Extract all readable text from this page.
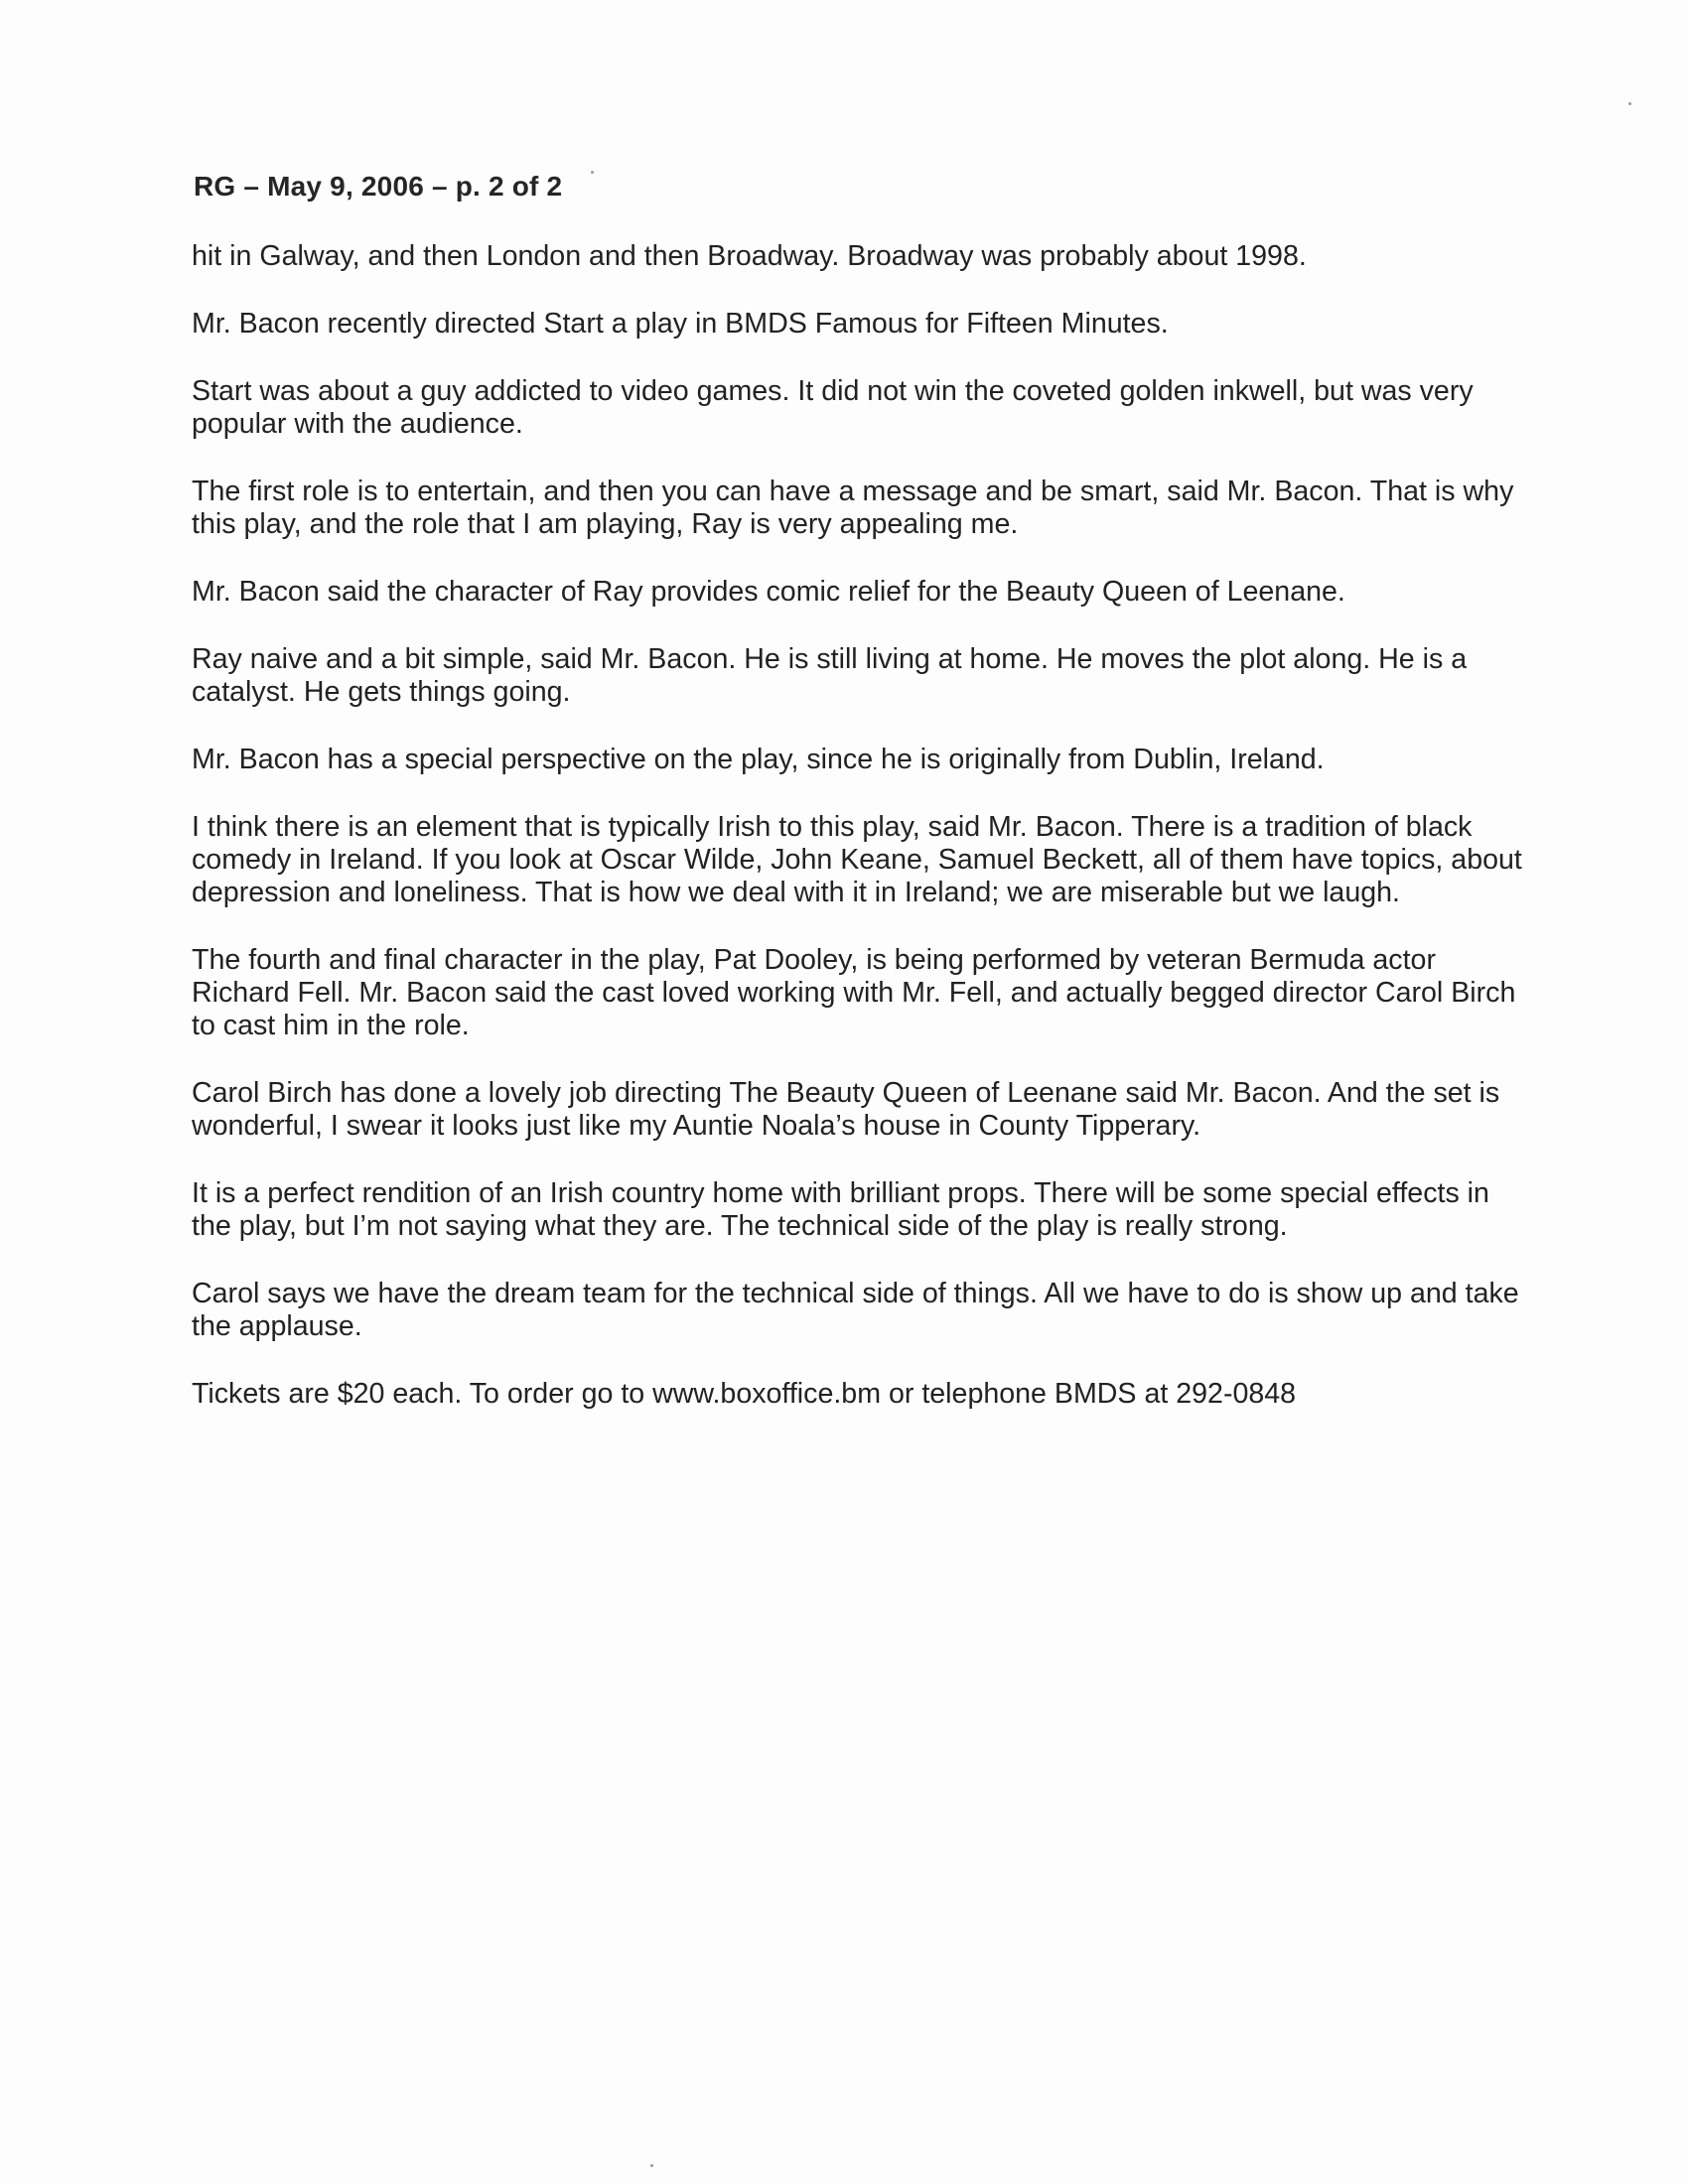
RG – May 9, 2006 – p. 2 of 2

hit in Galway, and then London and then Broadway. Broadway was probably about 1998.

Mr. Bacon recently directed Start a play in BMDS Famous for Fifteen Minutes.

Start was about a guy addicted to video games. It did not win the coveted golden inkwell, but was very popular with the audience.

The first role is to entertain, and then you can have a message and be smart, said Mr. Bacon. That is why this play, and the role that I am playing, Ray is very appealing me.

Mr. Bacon said the character of Ray provides comic relief for the Beauty Queen of Leenane.

Ray naive and a bit simple, said Mr. Bacon. He is still living at home. He moves the plot along. He is a catalyst. He gets things going.

Mr. Bacon has a special perspective on the play, since he is originally from Dublin, Ireland.

I think there is an element that is typically Irish to this play, said Mr. Bacon. There is a tradition of black comedy in Ireland. If you look at Oscar Wilde, John Keane, Samuel Beckett, all of them have topics, about depression and loneliness. That is how we deal with it in Ireland; we are miserable but we laugh.

The fourth and final character in the play, Pat Dooley, is being performed by veteran Bermuda actor Richard Fell. Mr. Bacon said the cast loved working with Mr. Fell, and actually begged director Carol Birch to cast him in the role.

Carol Birch has done a lovely job directing The Beauty Queen of Leenane said Mr. Bacon. And the set is wonderful, I swear it looks just like my Auntie Noala’s house in County Tipperary.

It is a perfect rendition of an Irish country home with brilliant props. There will be some special effects in the play, but I’m not saying what they are. The technical side of the play is really strong.

Carol says we have the dream team for the technical side of things. All we have to do is show up and take the applause.

Tickets are $20 each. To order go to www.boxoffice.bm or telephone BMDS at 292-0848
